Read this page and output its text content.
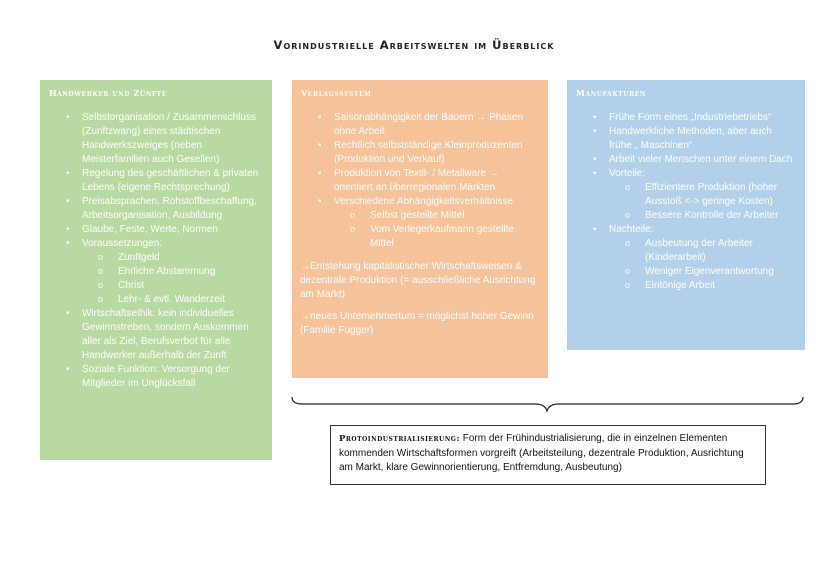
Vorindustrielle Arbeitswelten im Überblick
Handwerker und Zünfte
• Selbstorganisation / Zusammenschluss (Zunftzwang) eines städtischen Handwerkszweiges (neben Meisterfamilien auch Gesellen)
• Regelung des geschäftlichen & privaten Lebens (eigene Rechtsprechung)
• Preisabsprachen, Rohstoffbeschaffung, Arbeitsorganisation, Ausbildung
• Glaube, Feste, Werte, Normen
• Voraussetzungen:
o Zunftgeld
o Ehrliche Abstammung
o Christ
o Lehr- & evtl. Wanderzeit
• Wirtschaftsethik: kein individuelles Gewinnstreben, sondern Auskommen aller als Ziel, Berufsverbot für alle Handwerker außerhalb der Zunft
• Soziale Funktion: Versorgung der Mitglieder im Unglücksfall
Verlagssystem
• Saisonabhängigkeit der Bauern → Phasen ohne Arbeit
• Rechtlich selbstständige Kleinproduzenten (Produktion und Verkauf)
• Produktion von Textil- / Metallware → orientiert an überregionalen Märkten
• Verschiedene Abhängigkeitsverhältnisse
o Selbst gestellte Mittel
o Vom Verlegerkaufmann gestellte Mittel
→Entstehung kapitalistischer Wirtschaftsweisen & dezentrale Produktion (= ausschließliche Ausrichtung am Markt)
→neues Unternehmertum = möglichst hoher Gewinn (Familie Fugger)
Manufakturen
• Frühe Form eines „Industriebetriebs“
• Handwerkliche Methoden, aber auch frühe „ Maschinen“
• Arbeit vieler Menschen unter einem Dach
• Vorteile:
o Effizientere Produktion (hoher Ausstoß <-> geringe Kosten)
o Bessere Kontrolle der Arbeiter
• Nachteile:
o Ausbeutung der Arbeiter (Kinderarbeit)
o Weniger Eigenverantwortung
o Eintönige Arbeit
Protoindustrialisierung: Form der Frühindustrialisierung, die in einzelnen Elementen kommenden Wirtschaftsformen vorgreift (Arbeitsteilung, dezentrale Produktion, Ausrichtung am Markt, klare Gewinnorientierung, Entfremdung, Ausbeutung)
